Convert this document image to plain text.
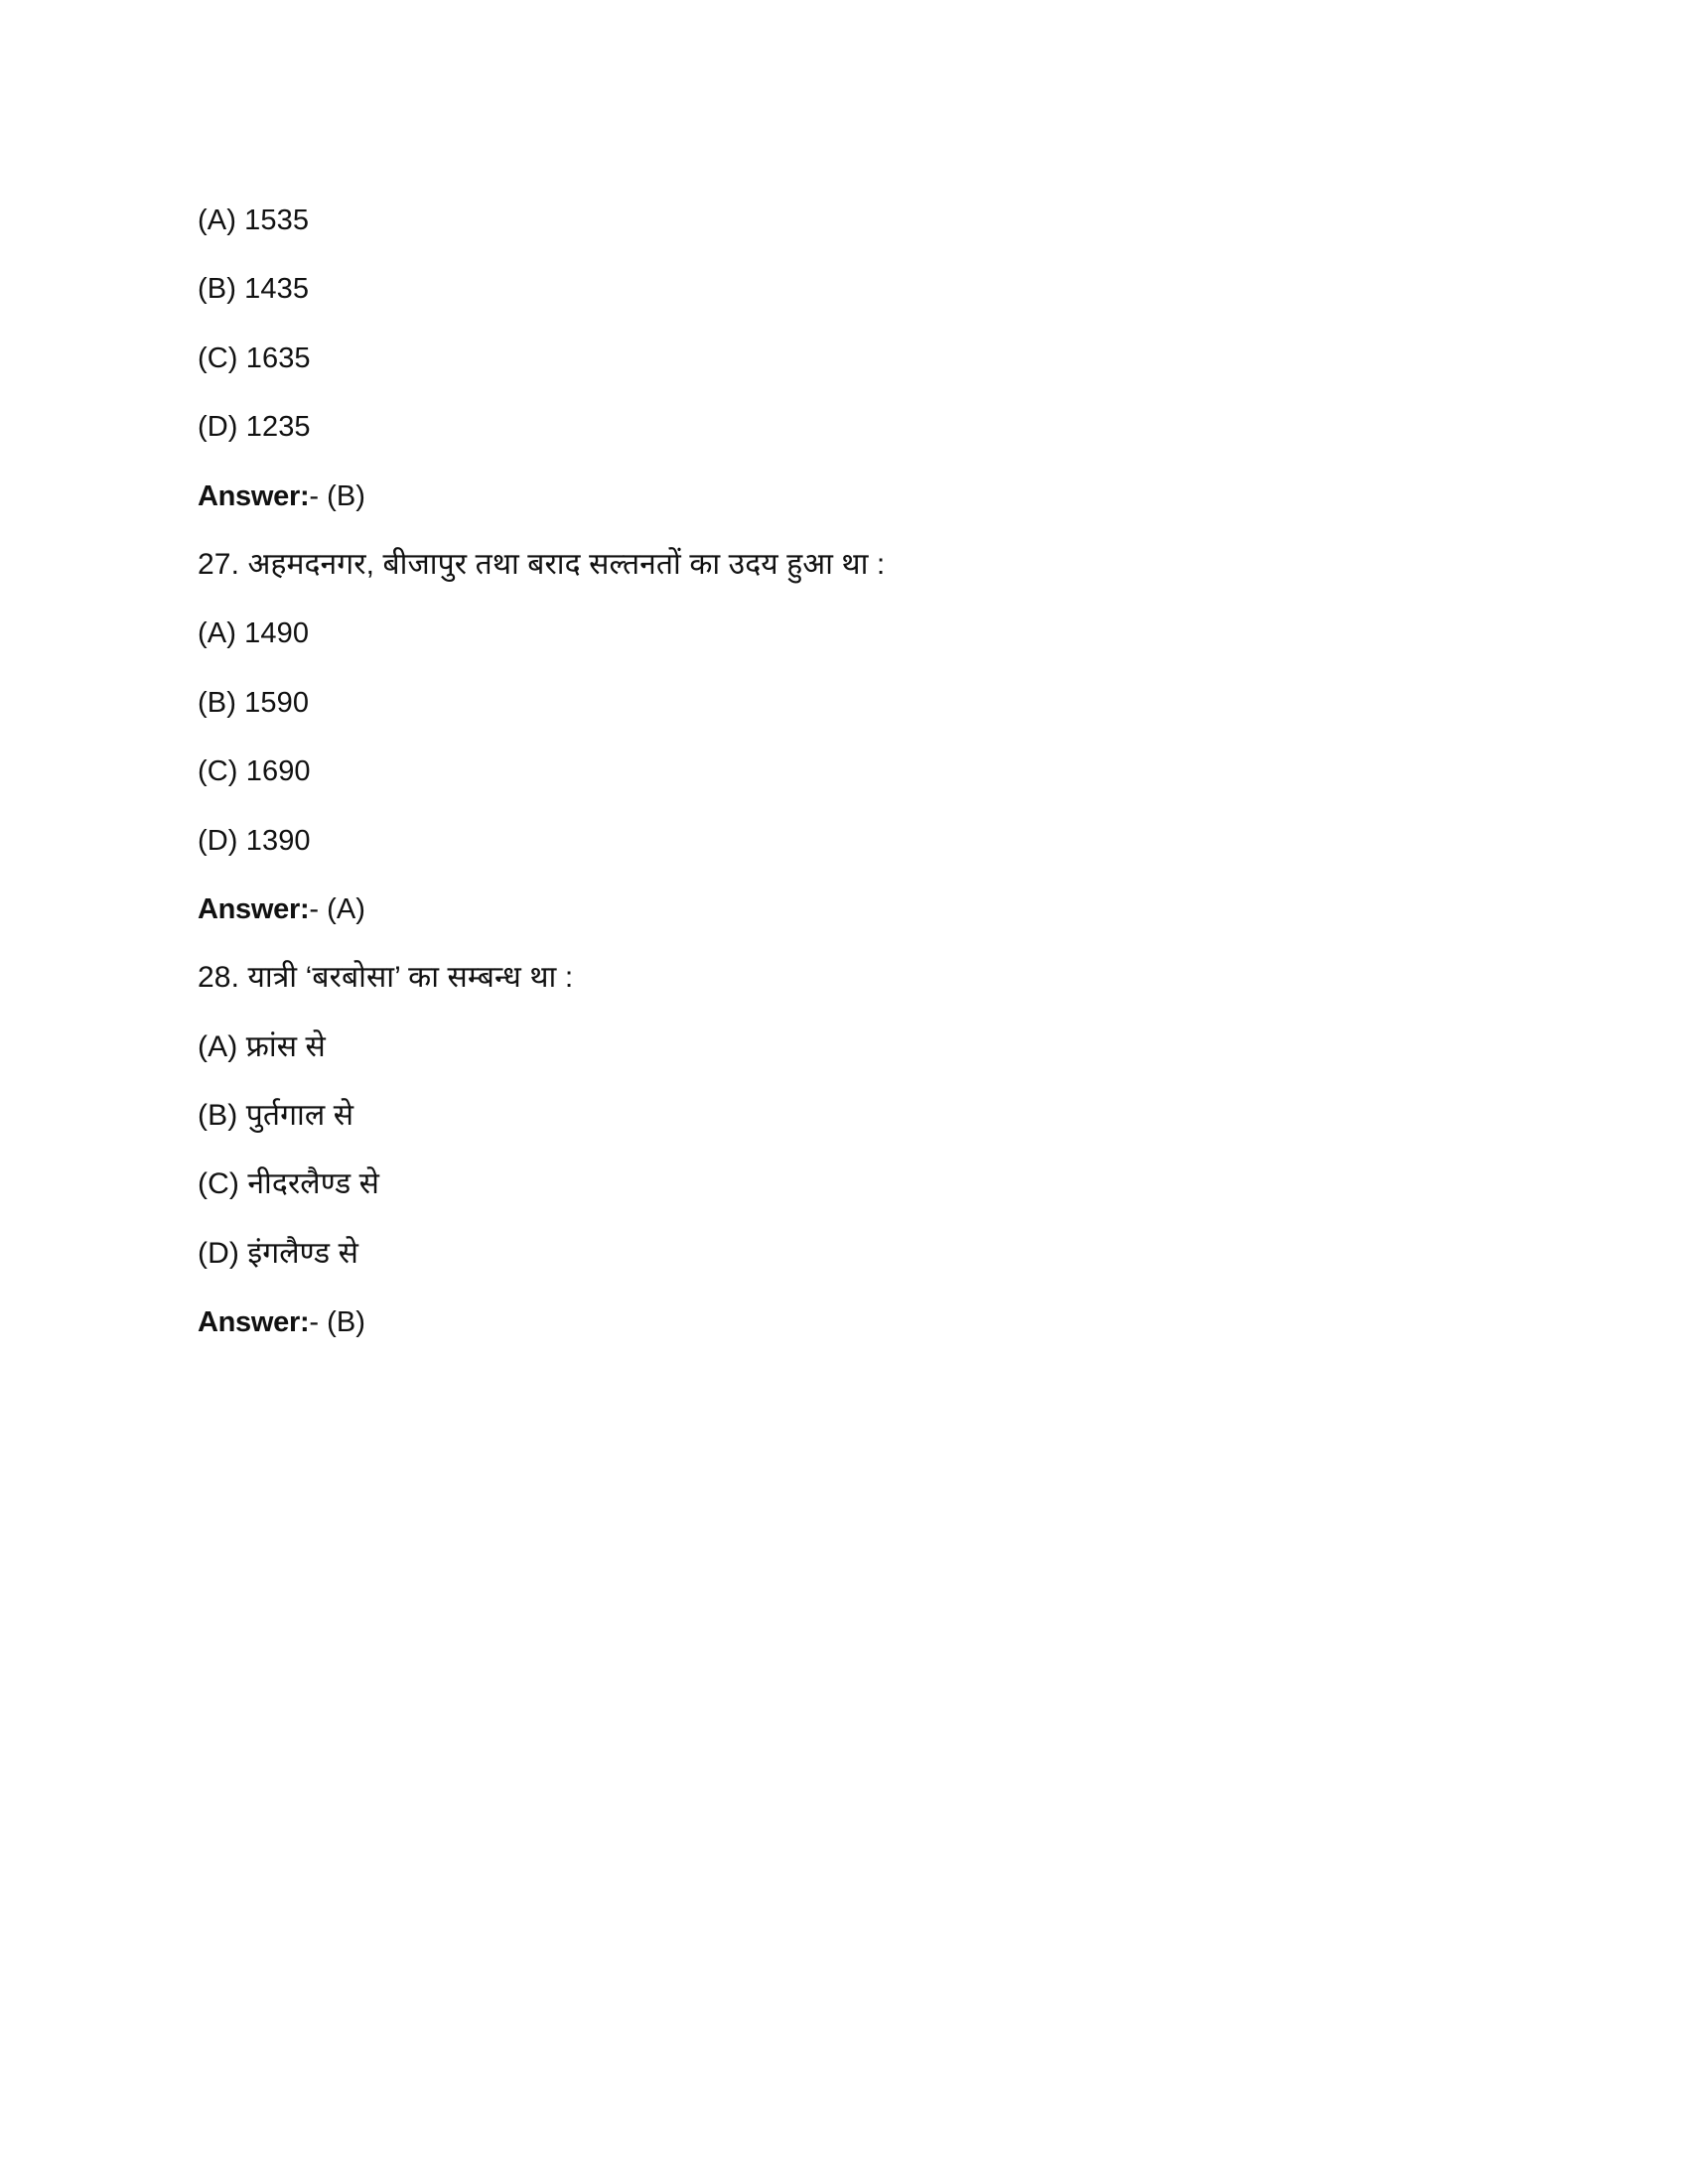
(A) 1535
(B) 1435
(C) 1635
(D) 1235
Answer:- (B)
27. अहमदनगर, बीजापुर तथा बराद सल्तनतों का उदय हुआ था :
(A) 1490
(B) 1590
(C) 1690
(D) 1390
Answer:- (A)
28. यात्री ‘बरबोसा’ का सम्बन्ध था :
(A) फ्रांस से
(B) पुर्तगाल से
(C) नीदरलैण्ड से
(D) इंगलैण्ड से
Answer:- (B)
